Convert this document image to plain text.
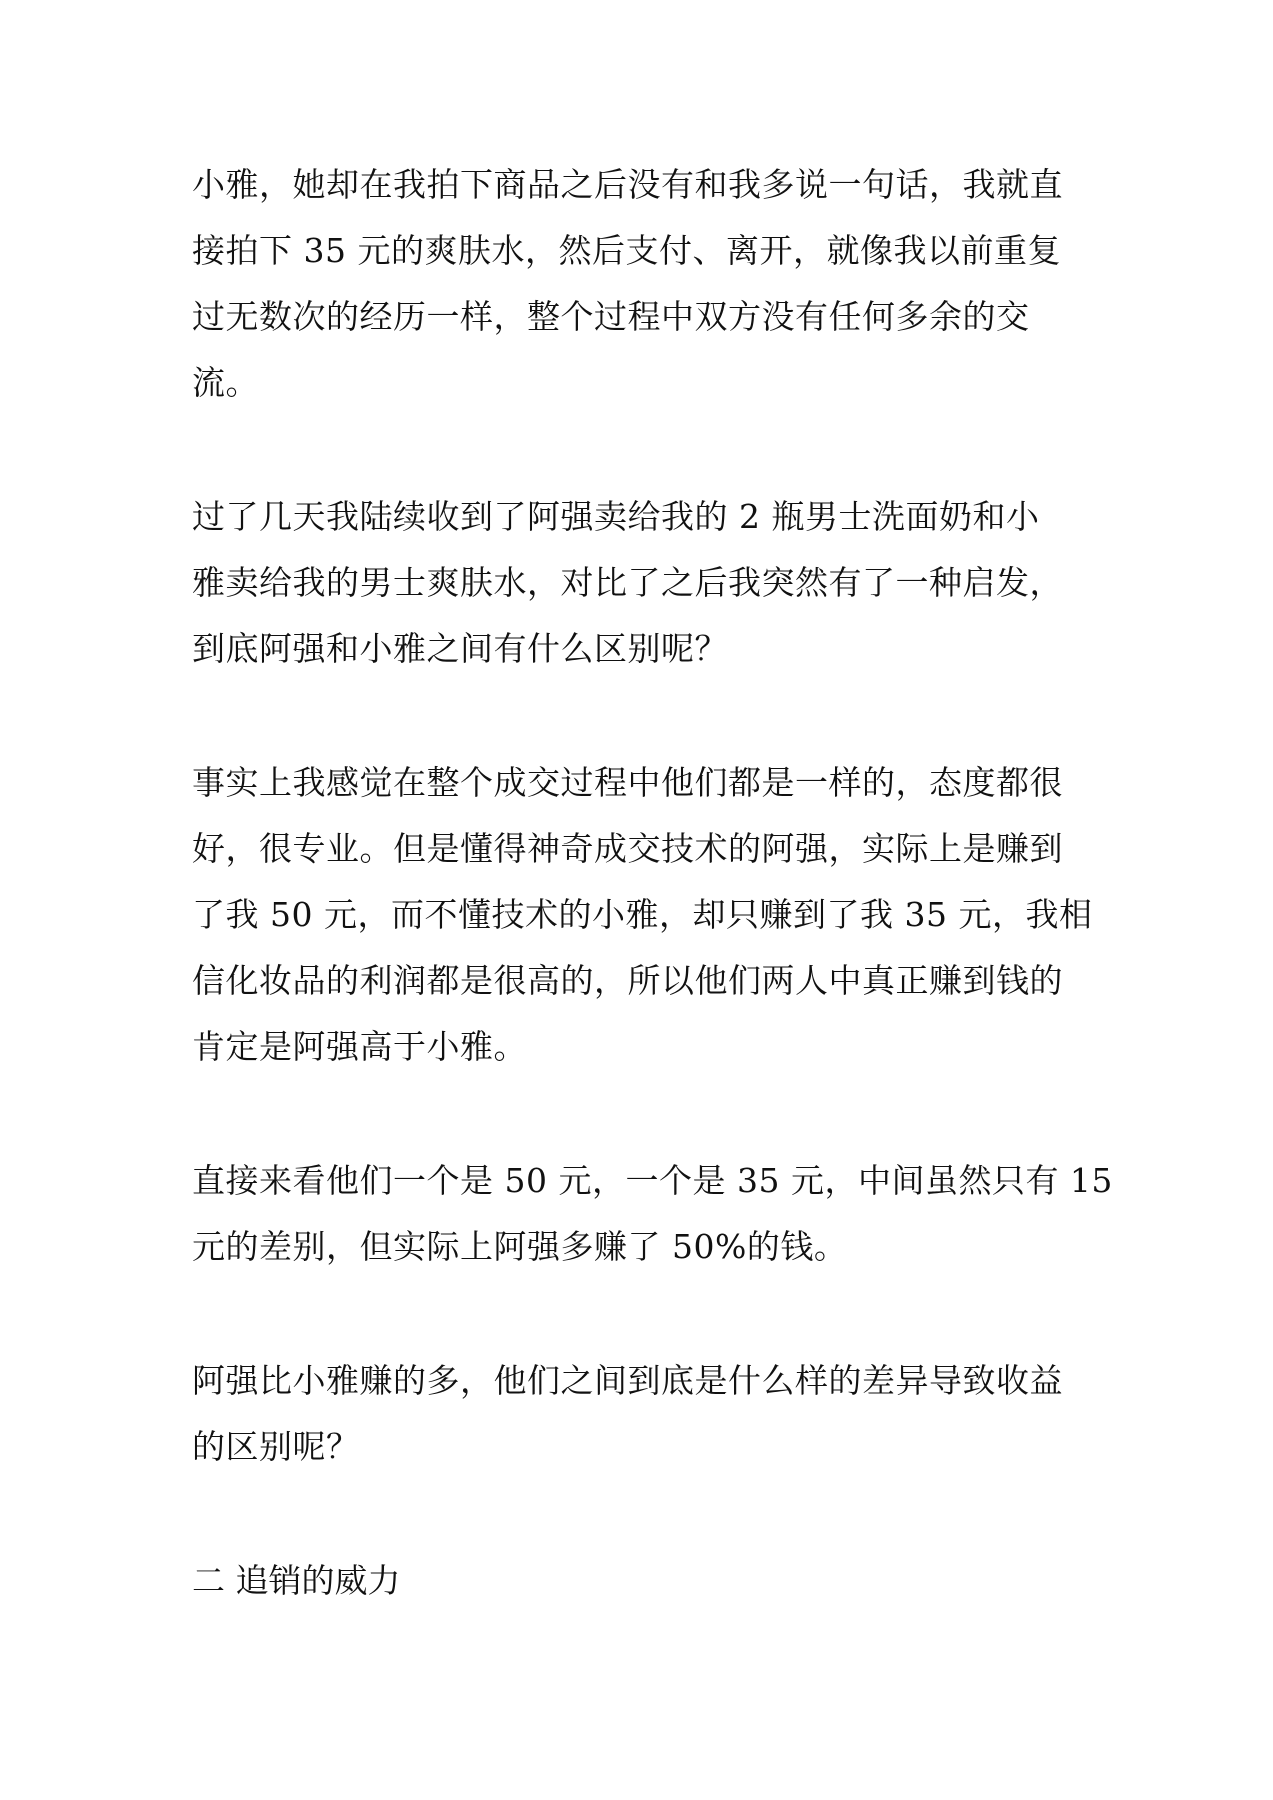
小雅，她却在我拍下商品之后没有和我多说一句话，我就直
接拍下 35 元的爽肤水，然后支付、离开，就像我以前重复
过无数次的经历一样，整个过程中双方没有任何多余的交
流。
过了几天我陆续收到了阿强卖给我的 2 瓶男士洗面奶和小
雅卖给我的男士爽肤水，对比了之后我突然有了一种启发，
到底阿强和小雅之间有什么区别呢？
事实上我感觉在整个成交过程中他们都是一样的，态度都很
好，很专业。但是懂得神奇成交技术的阿强，实际上是赚到
了我 50 元，而不懂技术的小雅，却只赚到了我 35 元，我相
信化妆品的利润都是很高的，所以他们两人中真正赚到钱的
肯定是阿强高于小雅。
直接来看他们一个是 50 元，一个是 35 元，中间虽然只有 15
元的差别，但实际上阿强多赚了 50%的钱。
阿强比小雅赚的多，他们之间到底是什么样的差异导致收益
的区别呢？
二 追销的威力
